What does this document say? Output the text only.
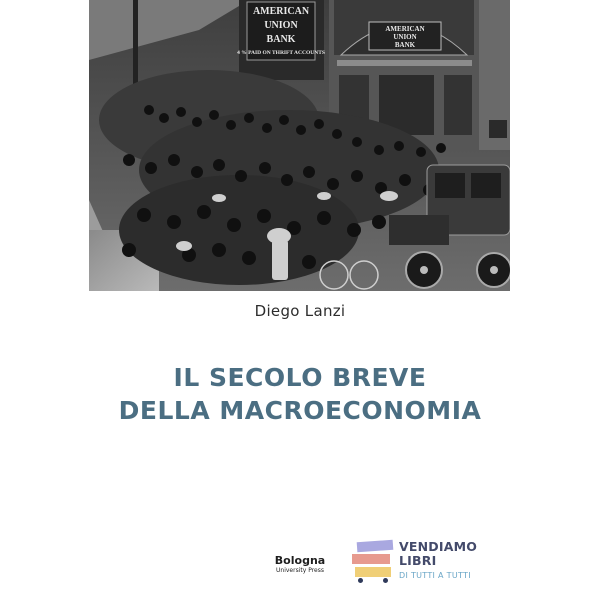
AMERICAN
UNION
BANK
4 % PAID ON THRIFT ACCOUNTS
AMERICAN
UNION
BANK
Diego Lanzi
IL SECOLO BREVE
DELLA MACROECONOMIA
Bologna
University Press
VENDIAMO
LIBRI
DI TUTTI A TUTTI
